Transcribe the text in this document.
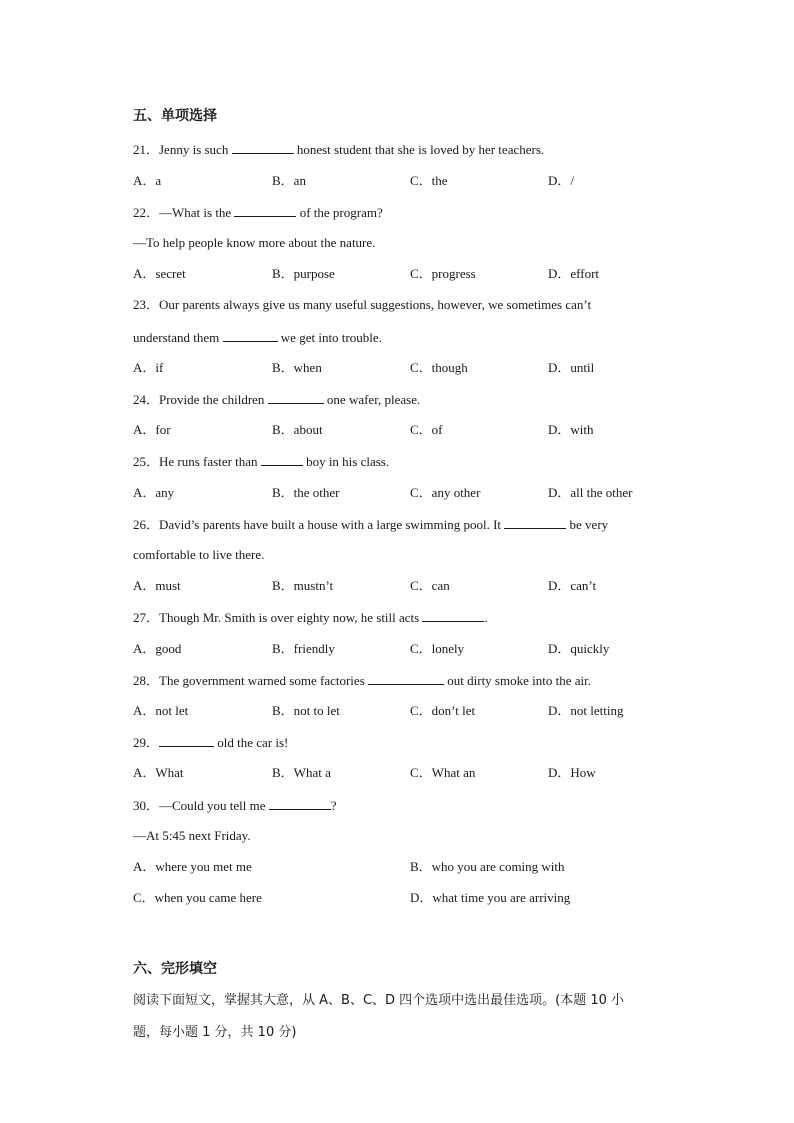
五、单项选择
21．Jenny is such	honest student that she is loved by her teachers.
A．a	B．an	C．the	D．/
22．—What is the	of the program?
—To help people know more about the nature.
A．secret	B．purpose	C．progress	D．effort
23．Our parents always give us many useful suggestions, however, we sometimes can’t
understand them	we get into trouble.
A．if	B．when	C．though	D．until
24．Provide the children	one wafer, please.
A．for	B．about	C．of	D．with
25．He runs faster than	boy in his class.
A．any	B．the other	C．any other	D．all the other
26．David’s parents have built a house with a large swimming pool. It	be very
comfortable to live there.
A．must	B．mustn’t	C．can	D．can’t
27．Though Mr. Smith is over eighty now, he still acts	.
A．good	B．friendly	C．lonely	D．quickly
28．The government warned some factories	out dirty smoke into the air.
A．not let	B．not to let	C．don’t let	D．not letting
29．	old the car is!
A．What	B．What a	C．What an	D．How
30．—Could you tell me	?
—At 5:45 next Friday.
A．where you met me	B．who you are coming with
C．when you came here	D．what time you are arriving
六、完形填空
阅读下面短文，掌握其大意，从 A、B、C、D 四个选项中选出最佳选项。(本题 10 小
题，每小题 1 分，共 10 分)
